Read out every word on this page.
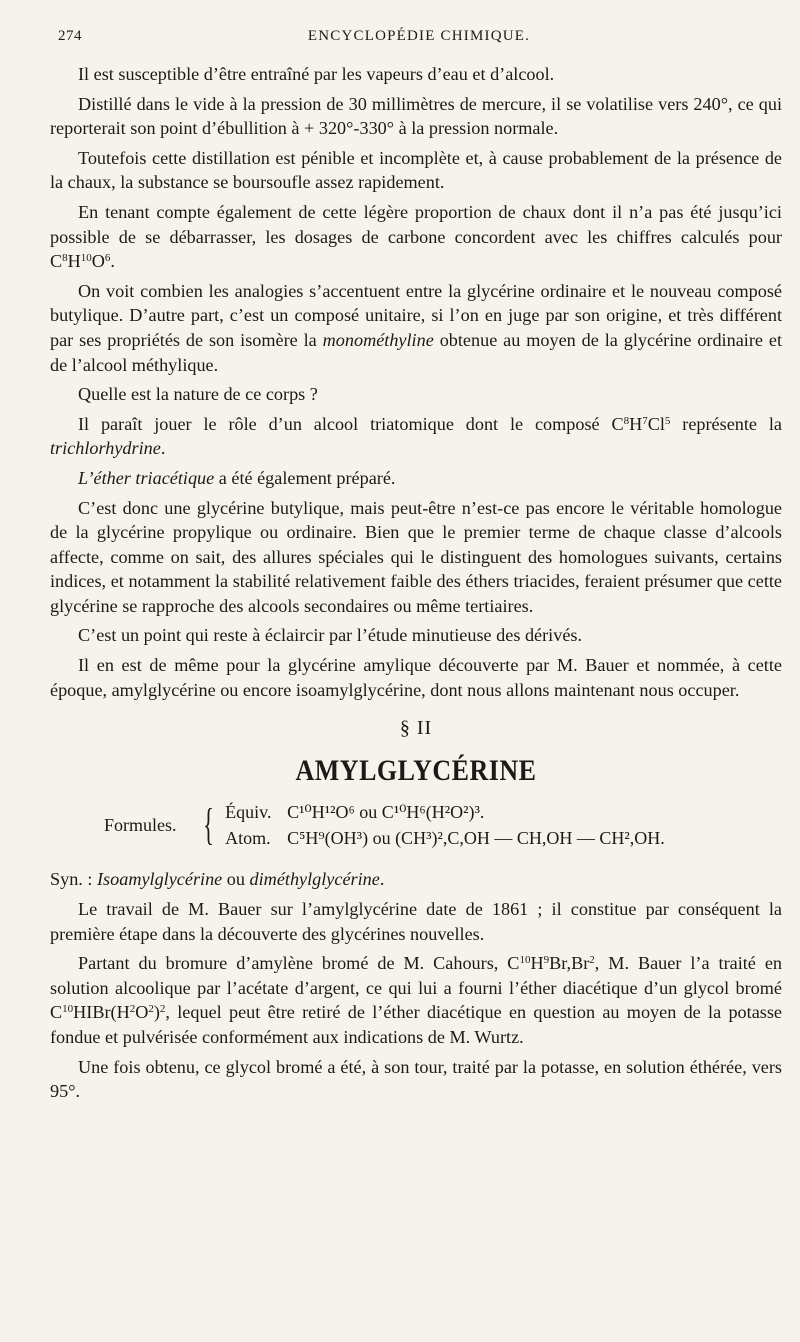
274	ENCYCLOPÉDIE CHIMIQUE.

Il est susceptible d’être entraîné par les vapeurs d’eau et d’alcool.

Distillé dans le vide à la pression de 30 millimètres de mercure, il se volatilise vers 240°, ce qui reporterait son point d’ébullition à + 320°-330° à la pression normale.

Toutefois cette distillation est pénible et incomplète et, à cause probablement de la présence de la chaux, la substance se boursoufle assez rapidement.

En tenant compte également de cette légère proportion de chaux dont il n’a pas été jusqu’ici possible de se débarrasser, les dosages de carbone concordent avec les chiffres calculés pour $C^8H^{10}O^6$.

On voit combien les analogies s’accentuent entre la glycérine ordinaire et le nouveau composé butylique. D’autre part, c’est un composé unitaire, si l’on en juge par son origine, et très différent par ses propriétés de son isomère la monométhyline obtenue au moyen de la glycérine ordinaire et de l’alcool méthylique.

Quelle est la nature de ce corps ?

Il paraît jouer le rôle d’un alcool triatomique dont le composé $C^8H^7Cl^5$ représente la trichlorhydrine.

L’éther triacétique a été également préparé.

C’est donc une glycérine butylique, mais peut-être n’est-ce pas encore le véritable homologue de la glycérine propylique ou ordinaire. Bien que le premier terme de chaque classe d’alcools affecte, comme on sait, des allures spéciales qui le distinguent des homologues suivants, certains indices, et notamment la stabilité relativement faible des éthers triacides, feraient présumer que cette glycérine se rapproche des alcools secondaires ou même tertiaires.

C’est un point qui reste à éclaircir par l’étude minutieuse des dérivés.

Il en est de même pour la glycérine amylique découverte par M. Bauer et nommée, à cette époque, amylglycérine ou encore isoamylglycérine, dont nous allons maintenant nous occuper.

§ II
AMYLGLYCÉRINE
Formules. { Équiv. C¹⁰H¹²O⁶ ou C¹⁰H⁶(H²O²)³.
Atom. C⁵H⁹(OH³) ou (CH³)²,C,OH — CH,OH — CH²,OH.

Syn. : Isoamylglycérine ou diméthylglycérine.

Le travail de M. Bauer sur l’amylglycérine date de 1861 ; il constitue par conséquent la première étape dans la découverte des glycérines nouvelles.

Partant du bromure d’amylène bromé de M. Cahours, $C^{10}H^9Br,Br^2$, M. Bauer l’a traité en solution alcoolique par l’acétate d’argent, ce qui lui a fourni l’éther diacétique d’un glycol bromé $C^{10}HIBr(H^2O^2)^2$, lequel peut être retiré de l’éther diacétique en question au moyen de la potasse fondue et pulvérisée conformément aux indications de M. Wurtz.

Une fois obtenu, ce glycol bromé a été, à son tour, traité par la potasse, en solution éthérée, vers 95°.
